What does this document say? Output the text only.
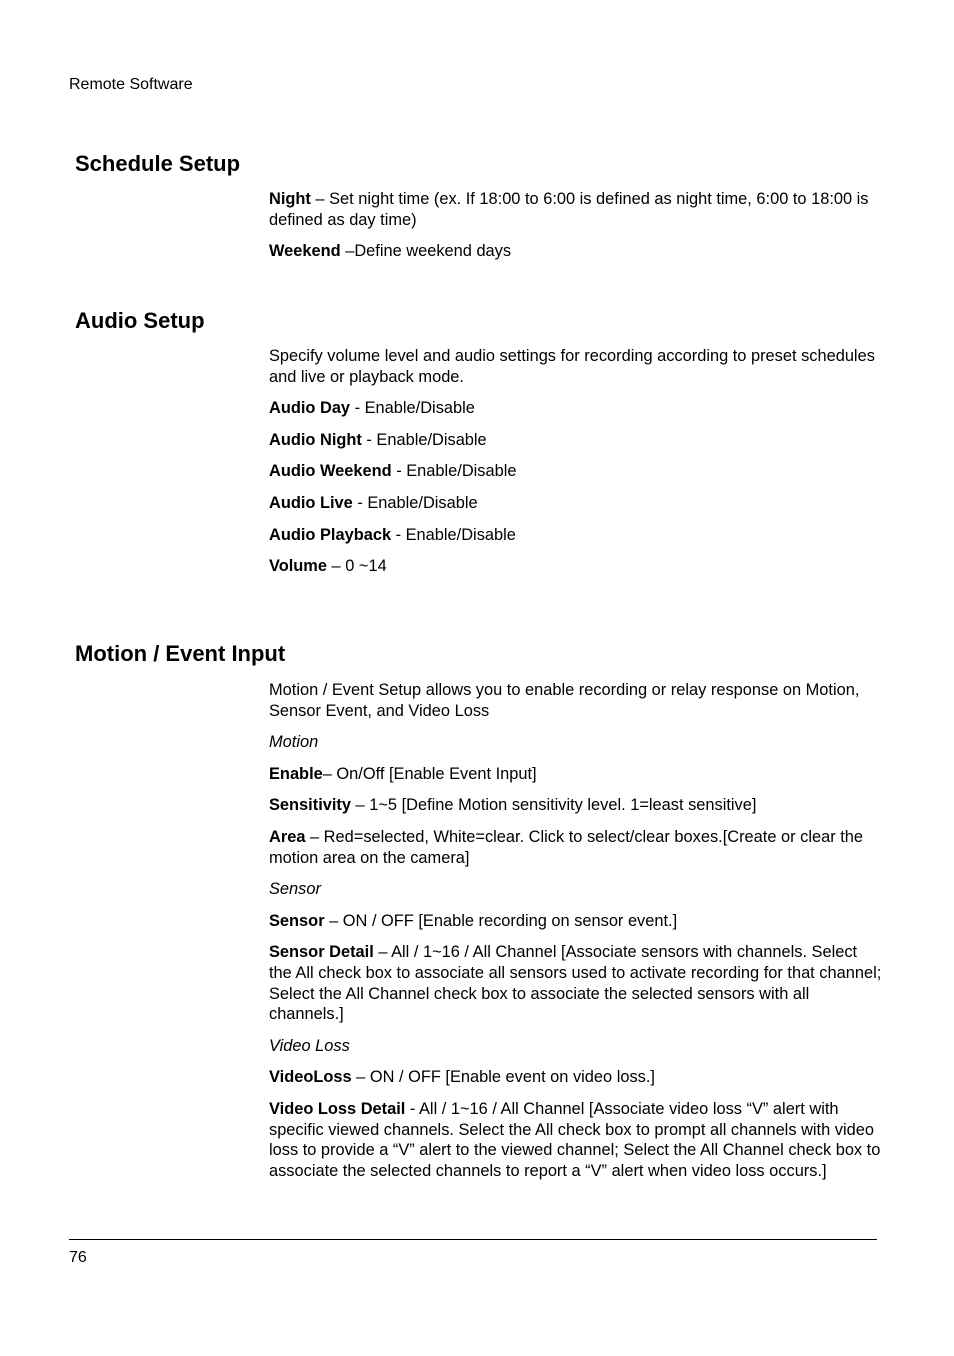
Remote Software
Schedule Setup

Night – Set night time (ex. If 18:00 to 6:00 is defined as night time, 6:00 to 18:00 is defined as day time)

Weekend –Define weekend days

Audio Setup

Specify volume level and audio settings for recording according to preset schedules and live or playback mode.

Audio Day - Enable/Disable

Audio Night - Enable/Disable

Audio Weekend - Enable/Disable

Audio Live - Enable/Disable

Audio Playback - Enable/Disable

Volume – 0 ~14

Motion / Event Input

Motion / Event Setup allows you to enable recording or relay response on Motion, Sensor Event, and Video Loss

Motion

Enable– On/Off [Enable Event Input]

Sensitivity – 1~5 [Define Motion sensitivity level. 1=least sensitive]

Area – Red=selected, White=clear. Click to select/clear boxes.[Create or clear the motion area on the camera]

Sensor

Sensor – ON / OFF [Enable recording on sensor event.]

Sensor Detail – All / 1~16 / All Channel [Associate sensors with channels. Select the All check box to associate all sensors used to activate recording for that channel; Select the All Channel check box to associate the selected sensors with all channels.]

Video Loss

VideoLoss – ON / OFF [Enable event on video loss.]

Video Loss Detail - All / 1~16 / All Channel [Associate video loss “V” alert with specific viewed channels. Select the All check box to prompt all channels with video loss to provide a “V” alert to the viewed channel; Select the All Channel check box to associate the selected channels to report a “V” alert when video loss occurs.]

76
